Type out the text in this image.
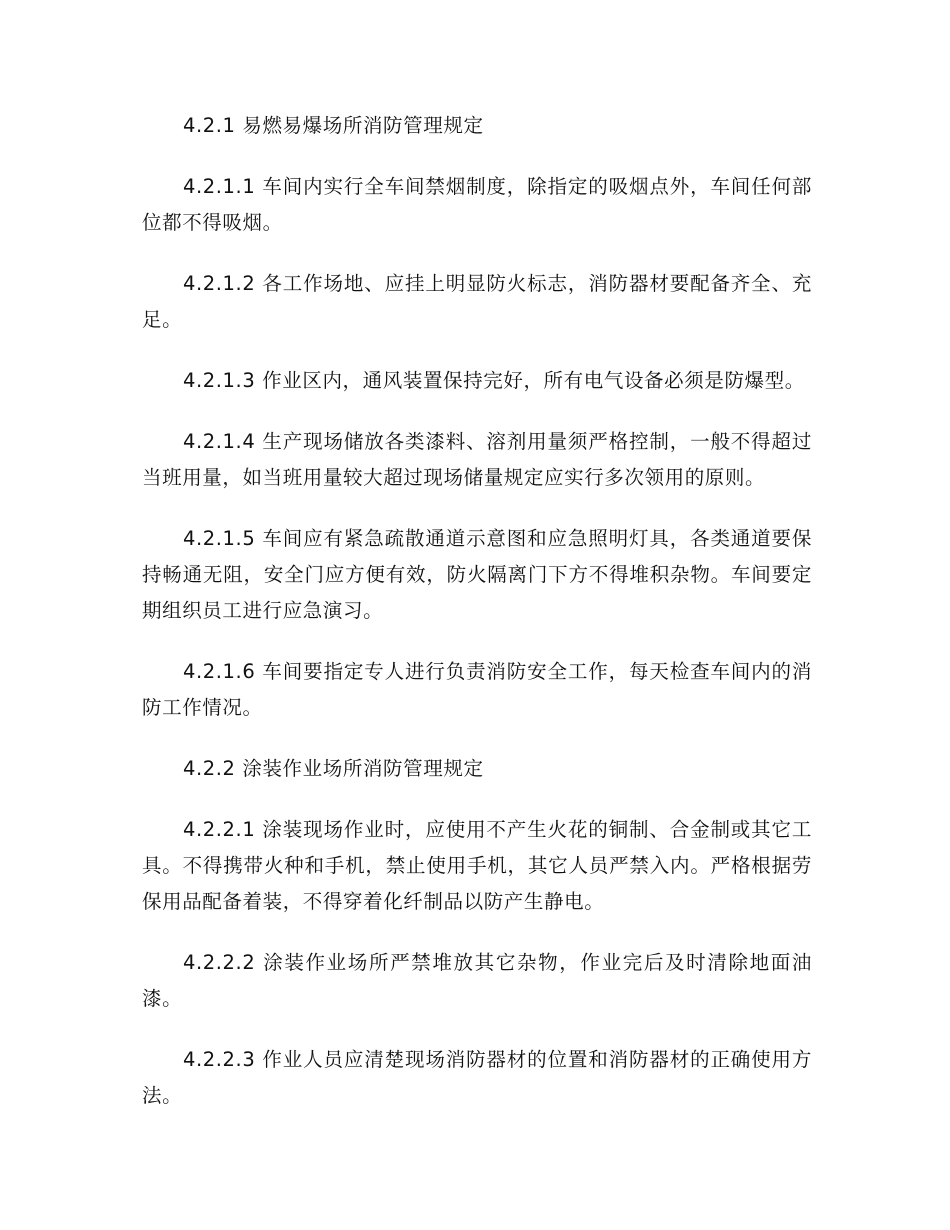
4.2.1 易燃易爆场所消防管理规定

4.2.1.1 车间内实行全车间禁烟制度，除指定的吸烟点外，车间任何部位都不得吸烟。

4.2.1.2 各工作场地、应挂上明显防火标志，消防器材要配备齐全、充足。

4.2.1.3 作业区内，通风装置保持完好，所有电气设备必须是防爆型。

4.2.1.4 生产现场储放各类漆料、溶剂用量须严格控制，一般不得超过当班用量，如当班用量较大超过现场储量规定应实行多次领用的原则。

4.2.1.5 车间应有紧急疏散通道示意图和应急照明灯具，各类通道要保持畅通无阻，安全门应方便有效，防火隔离门下方不得堆积杂物。车间要定期组织员工进行应急演习。

4.2.1.6 车间要指定专人进行负责消防安全工作，每天检查车间内的消防工作情况。

4.2.2 涂装作业场所消防管理规定

4.2.2.1 涂装现场作业时，应使用不产生火花的铜制、合金制或其它工具。不得携带火种和手机，禁止使用手机，其它人员严禁入内。严格根据劳保用品配备着装，不得穿着化纤制品以防产生静电。

4.2.2.2 涂装作业场所严禁堆放其它杂物，作业完后及时清除地面油漆。

4.2.2.3 作业人员应清楚现场消防器材的位置和消防器材的正确使用方法。
